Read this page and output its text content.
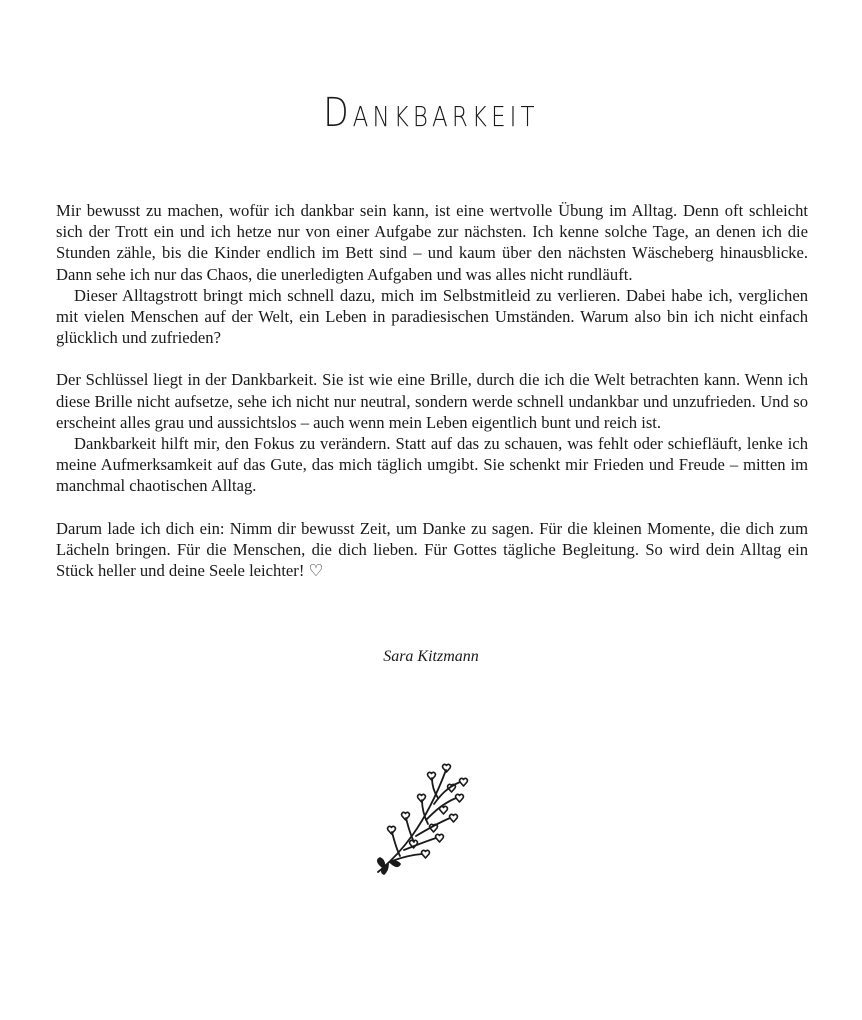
Dankbarkeit

Mir bewusst zu machen, wofür ich dankbar sein kann, ist eine wertvolle Übung im Alltag. Denn oft schleicht sich der Trott ein und ich hetze nur von einer Aufgabe zur nächsten. Ich kenne solche Tage, an denen ich die Stunden zähle, bis die Kinder endlich im Bett sind – und kaum über den nächsten Wäscheberg hinausblicke. Dann sehe ich nur das Chaos, die unerledigten Aufgaben und was alles nicht rundläuft.

Dieser Alltagstrott bringt mich schnell dazu, mich im Selbstmitleid zu verlieren. Dabei habe ich, verglichen mit vielen Menschen auf der Welt, ein Leben in paradiesischen Umständen. Warum also bin ich nicht einfach glücklich und zufrieden?

Der Schlüssel liegt in der Dankbarkeit. Sie ist wie eine Brille, durch die ich die Welt betrachten kann. Wenn ich diese Brille nicht aufsetze, sehe ich nicht nur neutral, sondern werde schnell undankbar und unzufrieden. Und so erscheint alles grau und aussichtslos – auch wenn mein Leben eigentlich bunt und reich ist.

Dankbarkeit hilft mir, den Fokus zu verändern. Statt auf das zu schauen, was fehlt oder schiefläuft, lenke ich meine Aufmerksamkeit auf das Gute, das mich täglich umgibt. Sie schenkt mir Frieden und Freude – mitten im manchmal chaotischen Alltag.

Darum lade ich dich ein: Nimm dir bewusst Zeit, um Danke zu sagen. Für die kleinen Momente, die dich zum Lächeln bringen. Für die Menschen, die dich lieben. Für Gottes tägliche Begleitung. So wird dein Alltag ein Stück heller und deine Seele leichter! ♡

Sara Kitzmann
